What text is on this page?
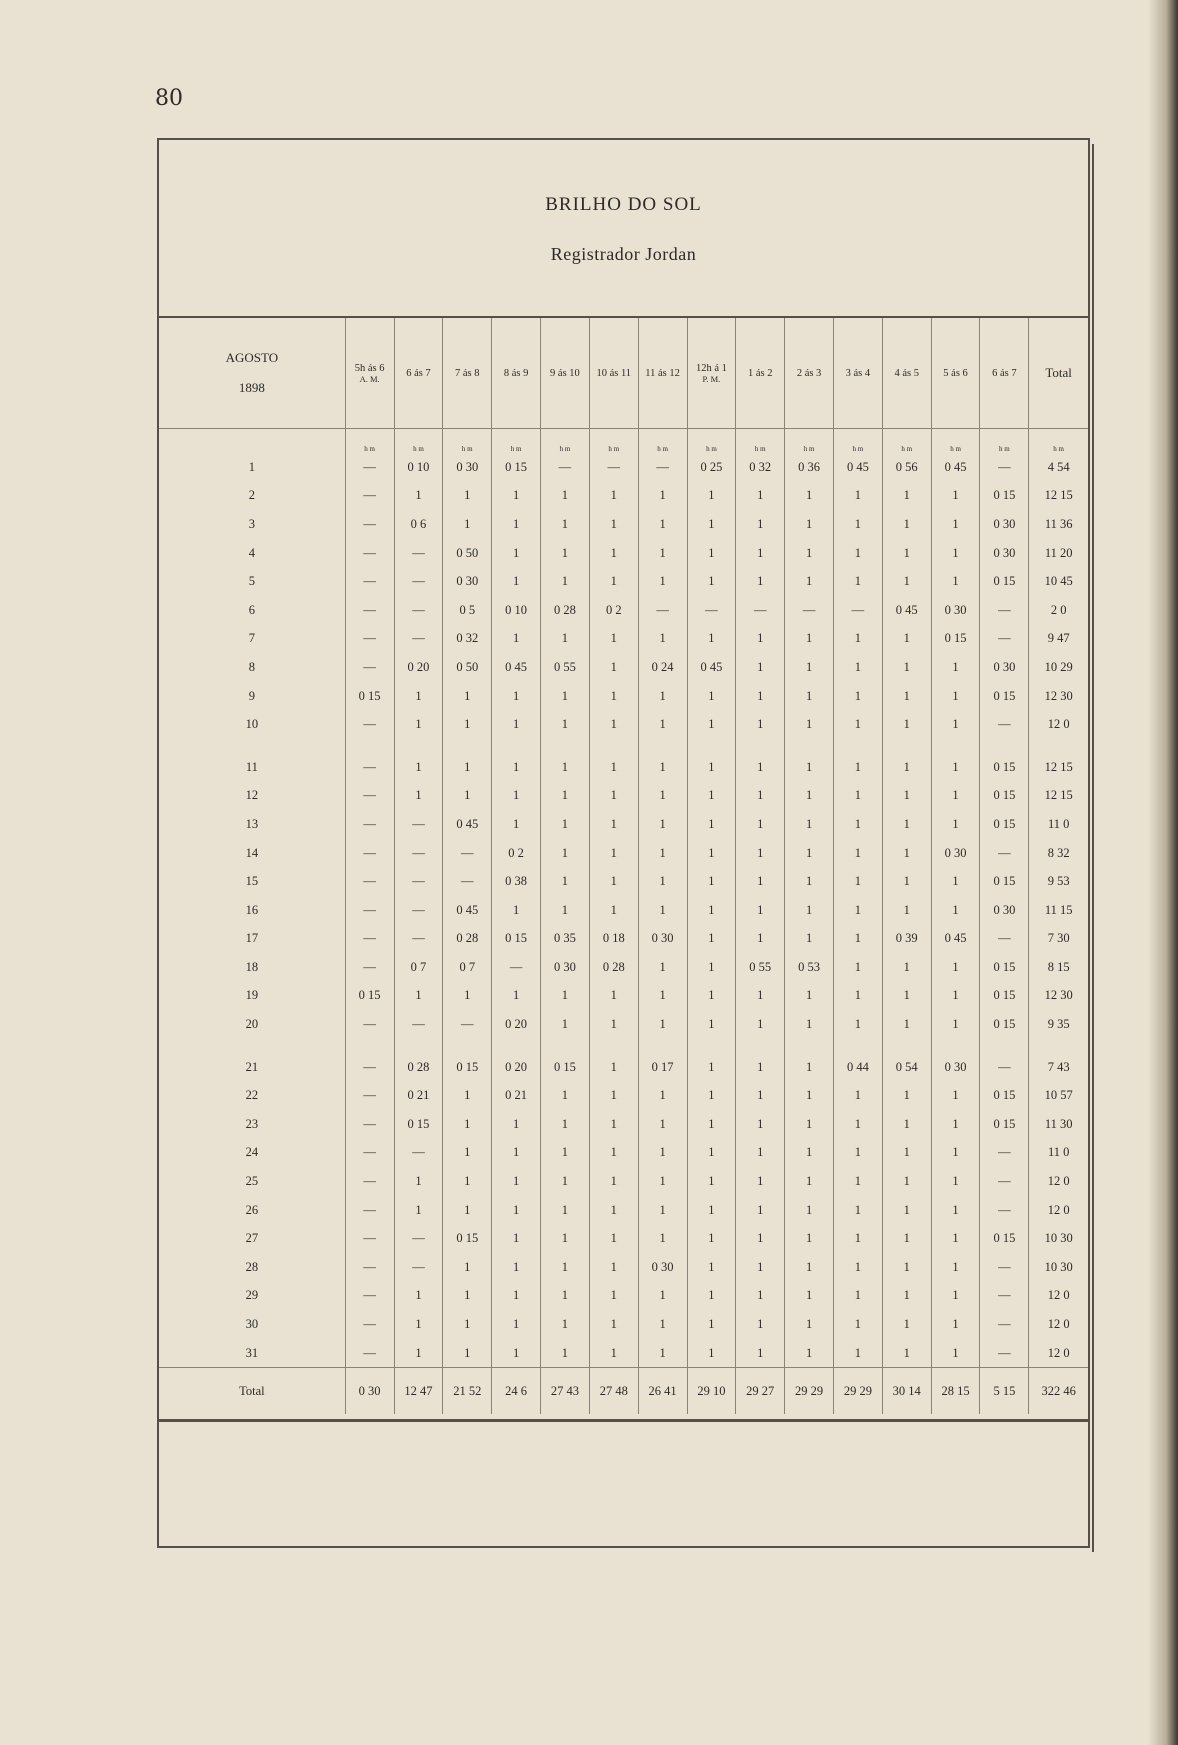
80
BRILHO DO SOL
Registrador Jordan
AGOSTO
1898	5h ás 6
A. M.	6 ás 7	7 ás 8	8 ás 9	9 ás 10	10 ás 11	11 ás 12	12h á 1
P. M.	1 ás 2	2 ás 3	3 ás 4	4 ás 5	5 ás 6	6 ás 7	Total
	h m	h m	h m	h m	h m	h m	h m	h m	h m	h m	h m	h m	h m	h m	h m
1	—	0 10	0 30	0 15	—	—	—	0 25	0 32	0 36	0 45	0 56	0 45	—	4 54
2	—	1	1	1	1	1	1	1	1	1	1	1	1	0 15	12 15
3	—	0 6	1	1	1	1	1	1	1	1	1	1	1	0 30	11 36
4	—	—	0 50	1	1	1	1	1	1	1	1	1	1	0 30	11 20
5	—	—	0 30	1	1	1	1	1	1	1	1	1	1	0 15	10 45
6	—	—	0 5	0 10	0 28	0 2	—	—	—	—	—	0 45	0 30	—	2 0
7	—	—	0 32	1	1	1	1	1	1	1	1	1	0 15	—	9 47
8	—	0 20	0 50	0 45	0 55	1	0 24	0 45	1	1	1	1	1	0 30	10 29
9	0 15	1	1	1	1	1	1	1	1	1	1	1	1	0 15	12 30
10	—	1	1	1	1	1	1	1	1	1	1	1	1	—	12 0

11	—	1	1	1	1	1	1	1	1	1	1	1	1	0 15	12 15
12	—	1	1	1	1	1	1	1	1	1	1	1	1	0 15	12 15
13	—	—	0 45	1	1	1	1	1	1	1	1	1	1	0 15	11 0
14	—	—	—	0 2	1	1	1	1	1	1	1	1	0 30	—	8 32
15	—	—	—	0 38	1	1	1	1	1	1	1	1	1	0 15	9 53
16	—	—	0 45	1	1	1	1	1	1	1	1	1	1	0 30	11 15
17	—	—	0 28	0 15	0 35	0 18	0 30	1	1	1	1	0 39	0 45	—	7 30
18	—	0 7	0 7	—	0 30	0 28	1	1	0 55	0 53	1	1	1	0 15	8 15
19	0 15	1	1	1	1	1	1	1	1	1	1	1	1	0 15	12 30
20	—	—	—	0 20	1	1	1	1	1	1	1	1	1	0 15	9 35

21	—	0 28	0 15	0 20	0 15	1	0 17	1	1	1	0 44	0 54	0 30	—	7 43
22	—	0 21	1	0 21	1	1	1	1	1	1	1	1	1	0 15	10 57
23	—	0 15	1	1	1	1	1	1	1	1	1	1	1	0 15	11 30
24	—	—	1	1	1	1	1	1	1	1	1	1	1	—	11 0
25	—	1	1	1	1	1	1	1	1	1	1	1	1	—	12 0
26	—	1	1	1	1	1	1	1	1	1	1	1	1	—	12 0
27	—	—	0 15	1	1	1	1	1	1	1	1	1	1	0 15	10 30
28	—	—	1	1	1	1	0 30	1	1	1	1	1	1	—	10 30
29	—	1	1	1	1	1	1	1	1	1	1	1	1	—	12 0
30	—	1	1	1	1	1	1	1	1	1	1	1	1	—	12 0
31	—	1	1	1	1	1	1	1	1	1	1	1	1	—	12 0
Total	0 30	12 47	21 52	24 6	27 43	27 48	26 41	29 10	29 27	29 29	29 29	30 14	28 15	5 15	322 46
